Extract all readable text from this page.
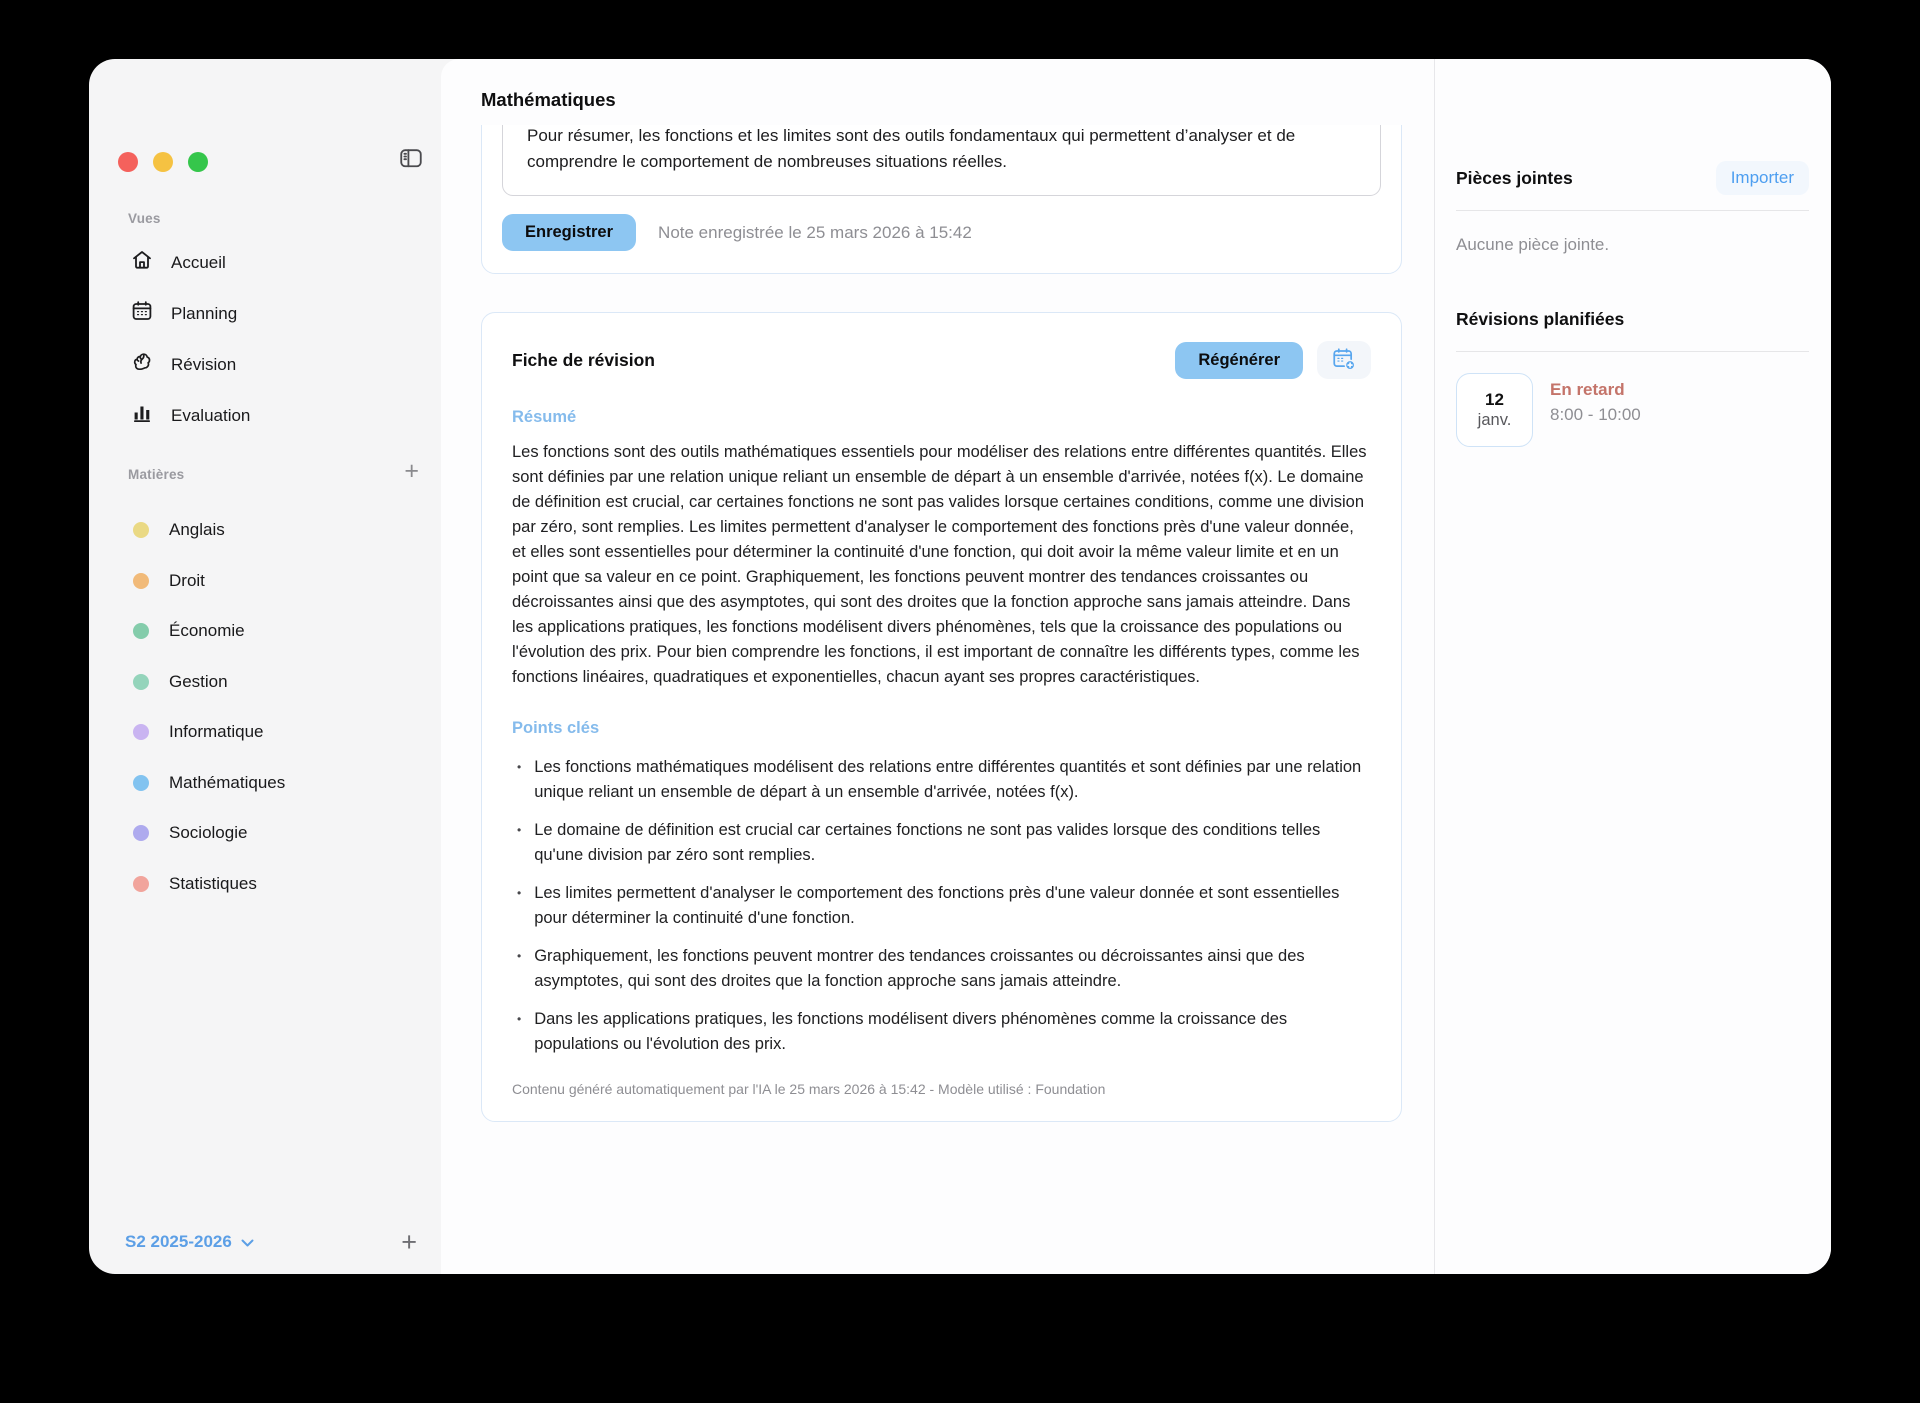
Vues
Accueil
Planning
Révision
Evaluation
Matières	+
Anglais
Droit
Économie
Gestion
Informatique
Mathématiques
Sociologie
Statistiques
S2 2025-2026	+
Mathématiques
Pour résumer, les fonctions et les limites sont des outils fondamentaux qui permettent d’analyser et de comprendre le comportement de nombreuses situations réelles.
Enregistrer	Note enregistrée le 25 mars 2026 à 15:42
Fiche de révision	Régénérer
Résumé

Les fonctions sont des outils mathématiques essentiels pour modéliser des relations entre différentes quantités. Elles sont définies par une relation unique reliant un ensemble de départ à un ensemble d'arrivée, notées f(x). Le domaine de définition est crucial, car certaines fonctions ne sont pas valides lorsque certaines conditions, comme une division par zéro, sont remplies. Les limites permettent d'analyser le comportement des fonctions près d'une valeur donnée, et elles sont essentielles pour déterminer la continuité d'une fonction, qui doit avoir la même valeur limite et en un point que sa valeur en ce point. Graphiquement, les fonctions peuvent montrer des tendances croissantes ou décroissantes ainsi que des asymptotes, qui sont des droites que la fonction approche sans jamais atteindre. Dans les applications pratiques, les fonctions modélisent divers phénomènes, tels que la croissance des populations ou l'évolution des prix. Pour bien comprendre les fonctions, il est important de connaître les différents types, comme les fonctions linéaires, quadratiques et exponentielles, chacun ayant ses propres caractéristiques.

Points clés
• Les fonctions mathématiques modélisent des relations entre différentes quantités et sont définies par une relation unique reliant un ensemble de départ à un ensemble d'arrivée, notées f(x).
• Le domaine de définition est crucial car certaines fonctions ne sont pas valides lorsque des conditions telles qu'une division par zéro sont remplies.
• Les limites permettent d'analyser le comportement des fonctions près d'une valeur donnée et sont essentielles pour déterminer la continuité d'une fonction.
• Graphiquement, les fonctions peuvent montrer des tendances croissantes ou décroissantes ainsi que des asymptotes, qui sont des droites que la fonction approche sans jamais atteindre.
• Dans les applications pratiques, les fonctions modélisent divers phénomènes comme la croissance des populations ou l'évolution des prix.
Contenu généré automatiquement par l'IA le 25 mars 2026 à 15:42 - Modèle utilisé : Foundation
Pièces jointes	Importer
Aucune pièce jointe.
Révisions planifiées
12
janv.
En retard
8:00 - 10:00
